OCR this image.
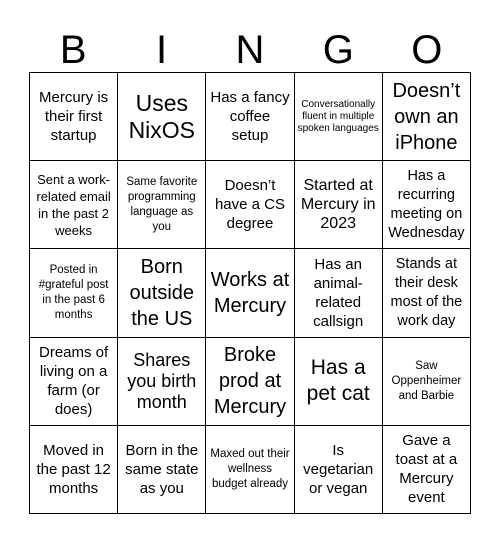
B	I	N	G	O
Mercury is their first startup
Uses NixOS
Has a fancy coffee setup
Conversationally fluent in multiple spoken languages
Doesn’t own an iPhone
Sent a work-related email in the past 2 weeks
Same favorite programming language as you
Doesn’t have a CS degree
Started at Mercury in 2023
Has a recurring meeting on Wednesday
Posted in #grateful post in the past 6 months
Born outside the US
Works at Mercury
Has an animal-related callsign
Stands at their desk most of the work day
Dreams of living on a farm (or does)
Shares you birth month
Broke prod at Mercury
Has a pet cat
Saw Oppenheimer and Barbie
Moved in the past 12 months
Born in the same state as you
Maxed out their wellness budget already
Is vegetarian or vegan
Gave a toast at a Mercury event
